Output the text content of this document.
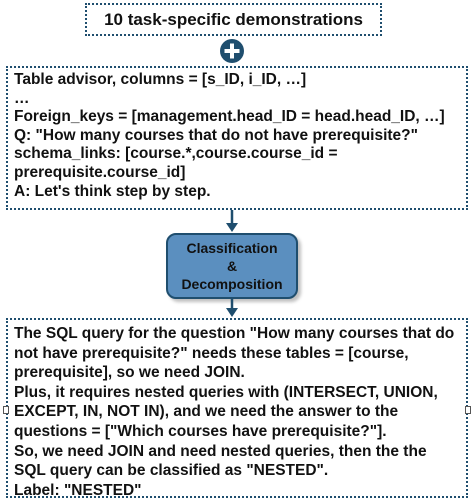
10 task-specific demonstrations
Table advisor, columns = [s_ID, i_ID, …]
…
Foreign_keys = [management.head_ID = head.head_ID, …]
Q: "How many courses that do not have prerequisite?"
schema_links: [course.*,course.course_id =
prerequisite.course_id]
A: Let's think step by step.
Classification
&
Decomposition
The SQL query for the question "How many courses that do
not have prerequisite?" needs these tables = [course,
prerequisite], so we need JOIN.
Plus, it requires nested queries with (INTERSECT, UNION,
EXCEPT, IN, NOT IN), and we need the answer to the
questions = ["Which courses have prerequisite?"].
So, we need JOIN and need nested queries, then the the
SQL query can be classified as "NESTED".
Label: "NESTED"
